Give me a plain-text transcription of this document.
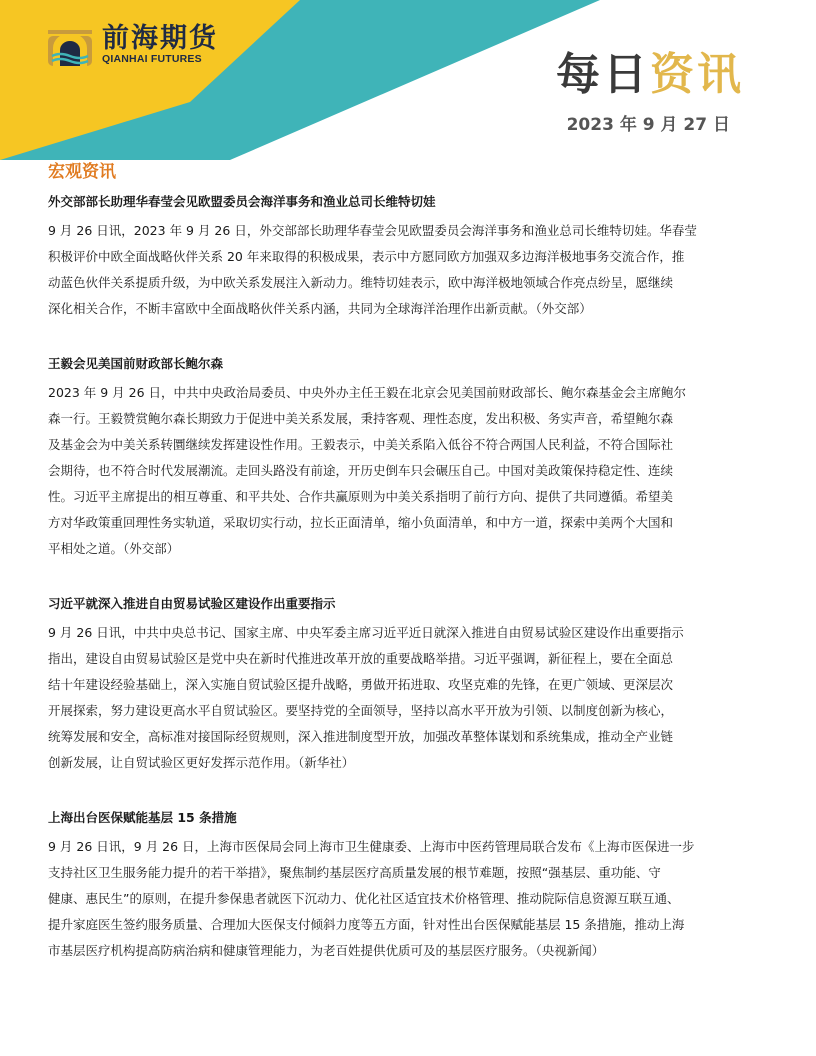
前海期货
QIANHAI FUTURES	每日资讯
2023 年 9 月 27 日
宏观资讯
外交部部长助理华春莹会见欧盟委员会海洋事务和渔业总司长维特切娃
9 月 26 日讯，2023 年 9 月 26 日，外交部部长助理华春莹会见欧盟委员会海洋事务和渔业总司长维特切娃。华春莹
积极评价中欧全面战略伙伴关系 20 年来取得的积极成果，表示中方愿同欧方加强双多边海洋极地事务交流合作，推
动蓝色伙伴关系提质升级，为中欧关系发展注入新动力。维特切娃表示，欧中海洋极地领域合作亮点纷呈，愿继续
深化相关合作，不断丰富欧中全面战略伙伴关系内涵，共同为全球海洋治理作出新贡献。（外交部）
王毅会见美国前财政部长鲍尔森
2023 年 9 月 26 日，中共中央政治局委员、中央外办主任王毅在北京会见美国前财政部长、鲍尔森基金会主席鲍尔
森一行。王毅赞赏鲍尔森长期致力于促进中美关系发展，秉持客观、理性态度，发出积极、务实声音，希望鲍尔森
及基金会为中美关系转圜继续发挥建设性作用。王毅表示，中美关系陷入低谷不符合两国人民利益，不符合国际社
会期待，也不符合时代发展潮流。走回头路没有前途，开历史倒车只会碾压自己。中国对美政策保持稳定性、连续
性。习近平主席提出的相互尊重、和平共处、合作共赢原则为中美关系指明了前行方向、提供了共同遵循。希望美
方对华政策重回理性务实轨道，采取切实行动，拉长正面清单，缩小负面清单，和中方一道，探索中美两个大国和
平相处之道。（外交部）
习近平就深入推进自由贸易试验区建设作出重要指示
9 月 26 日讯，中共中央总书记、国家主席、中央军委主席习近平近日就深入推进自由贸易试验区建设作出重要指示
指出，建设自由贸易试验区是党中央在新时代推进改革开放的重要战略举措。习近平强调，新征程上，要在全面总
结十年建设经验基础上，深入实施自贸试验区提升战略，勇做开拓进取、攻坚克难的先锋，在更广领域、更深层次
开展探索，努力建设更高水平自贸试验区。要坚持党的全面领导，坚持以高水平开放为引领、以制度创新为核心，
统筹发展和安全，高标准对接国际经贸规则，深入推进制度型开放，加强改革整体谋划和系统集成，推动全产业链
创新发展，让自贸试验区更好发挥示范作用。（新华社）
上海出台医保赋能基层 15 条措施
9 月 26 日讯，9 月 26 日，上海市医保局会同上海市卫生健康委、上海市中医药管理局联合发布《上海市医保进一步
支持社区卫生服务能力提升的若干举措》，聚焦制约基层医疗高质量发展的根节难题，按照“强基层、重功能、守
健康、惠民生”的原则，在提升参保患者就医下沉动力、优化社区适宜技术价格管理、推动院际信息资源互联互通、
提升家庭医生签约服务质量、合理加大医保支付倾斜力度等五方面，针对性出台医保赋能基层 15 条措施，推动上海
市基层医疗机构提高防病治病和健康管理能力，为老百姓提供优质可及的基层医疗服务。（央视新闻）
